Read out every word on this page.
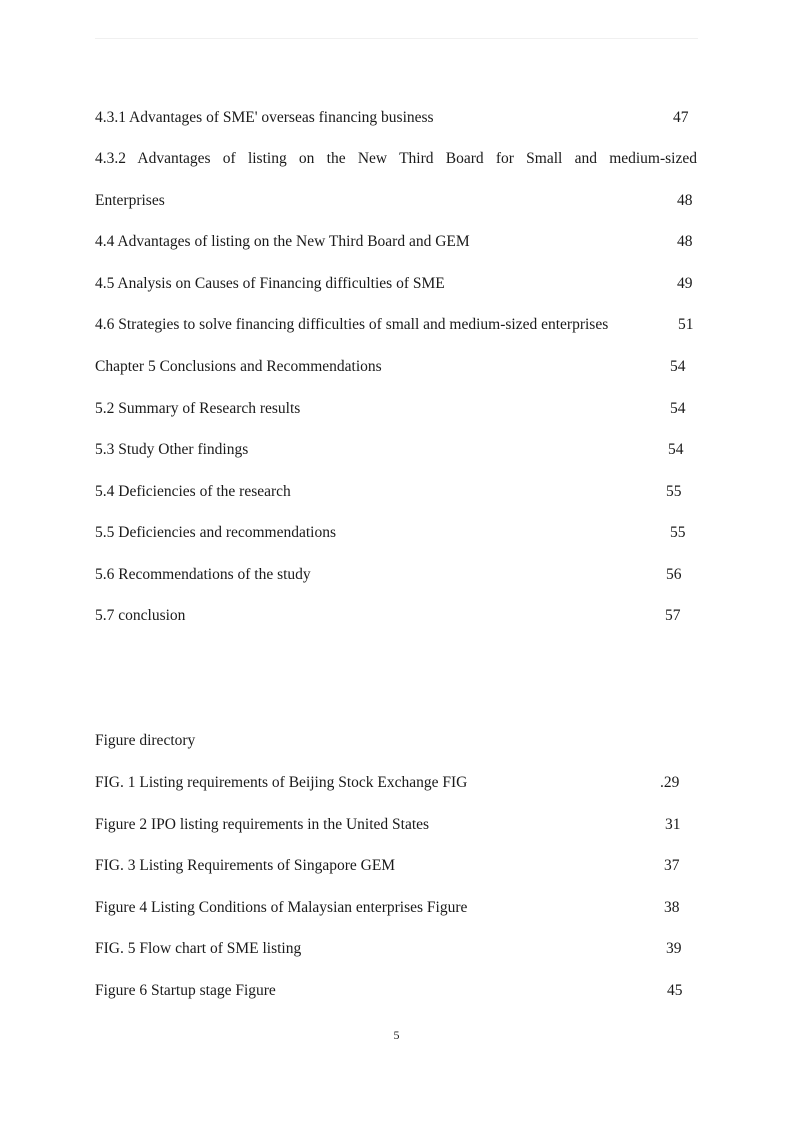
4.3.1 Advantages of SME' overseas financing business	47
4.3.2 Advantages of listing on the New Third Board for Small and medium-sized
Enterprises	48
4.4 Advantages of listing on the New Third Board and GEM	48
4.5 Analysis on Causes of Financing difficulties of SME	49
4.6 Strategies to solve financing difficulties of small and medium-sized enterprises	51
Chapter 5 Conclusions and Recommendations	54
5.2 Summary of Research results	54
5.3 Study Other findings	54
5.4 Deficiencies of the research	55
5.5 Deficiencies and recommendations	55
5.6 Recommendations of the study	56
5.7 conclusion	57
Figure directory
FIG. 1 Listing requirements of Beijing Stock Exchange FIG	.29
Figure 2 IPO listing requirements in the United States	31
FIG. 3 Listing Requirements of Singapore GEM	37
Figure 4 Listing Conditions of Malaysian enterprises Figure	38
FIG. 5 Flow chart of SME listing	39
Figure 6 Startup stage Figure	45
5
